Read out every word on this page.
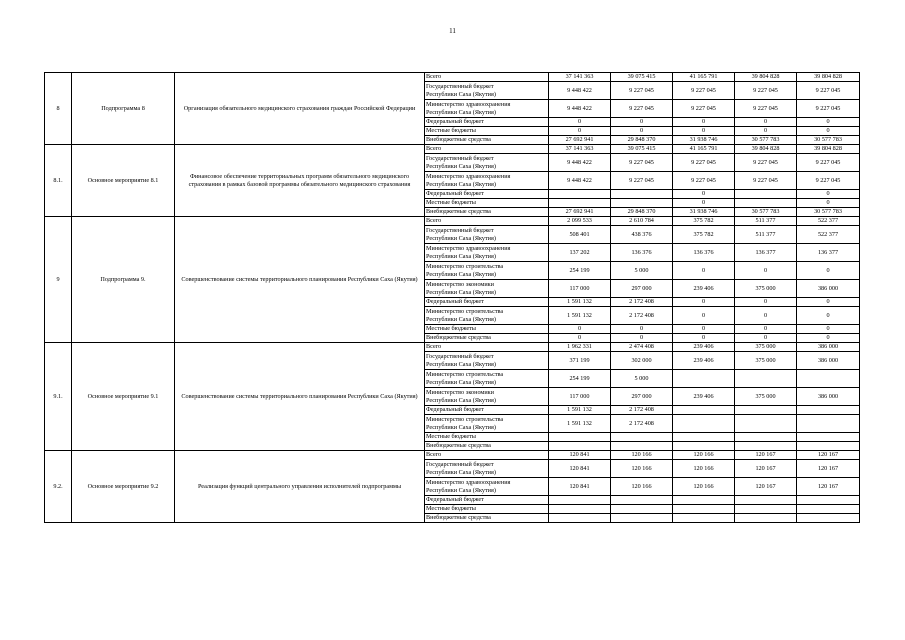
11
8	Подпрограмма 8	Организация обязательного медицинского страхования граждан Российской Федерации	Всего	37 141 363	39 075 415	41 165 791	39 804 828	39 804 828
			Государственный бюджет
Республики Саха (Якутия)	9 448 422	9 227 045	9 227 045	9 227 045	9 227 045
			Министерство здравоохранения
Республики Саха (Якутия)	9 448 422	9 227 045	9 227 045	9 227 045	9 227 045
			Федеральный бюджет	0	0	0	0	0
			Местные бюджеты	0	0	0	0	0
			Внебюджетные средства	27 692 941	29 848 370	31 938 746	30 577 783	30 577 783
8.1.	Основное мероприятие 8.1	Финансовое обеспечение территориальных программ обязательного медицинского страхования в рамках базовой программы обязательного медицинского страхования	Всего	37 141 363	39 075 415	41 165 791	39 804 828	39 804 828
			Государственный бюджет
Республики Саха (Якутия)	9 448 422	9 227 045	9 227 045	9 227 045	9 227 045
			Министерство здравоохранения
Республики Саха (Якутия)	9 448 422	9 227 045	9 227 045	9 227 045	9 227 045
			Федеральный бюджет			0		0
			Местные бюджеты			0		0
			Внебюджетные средства	27 692 941	29 848 370	31 938 746	30 577 783	30 577 783
9	Подпрограмма 9.	Совершенствование системы территориального планирования Республики Саха (Якутия)	Всего	2 099 533	2 610 784	375 782	511 377	522 377
			Государственный бюджет
Республики Саха (Якутия)	508 401	438 376	375 782	511 377	522 377
			Министерство здравоохранения
Республики Саха (Якутия)	137 202	136 376	136 376	136 377	136 377
			Министерство строительства
Республики Саха (Якутия)	254 199	5 000	0	0	0
			Министерство экономики
Республики Саха (Якутия)	117 000	297 000	239 406	375 000	386 000
			Федеральный бюджет	1 591 132	2 172 408	0	0	0
			Министерство строительства
Республики Саха (Якутия)	1 591 132	2 172 408	0	0	0
			Местные бюджеты	0	0	0	0	0
			Внебюджетные средства	0	0	0	0	0
9.1.	Основное мероприятие 9.1	Совершенствование системы территориального планирования Республики Саха (Якутия)	Всего	1 962 331	2 474 408	239 406	375 000	386 000
			Государственный бюджет
Республики Саха (Якутия)	371 199	302 000	239 406	375 000	386 000
			Министерство строительства
Республики Саха (Якутия)	254 199	5 000			
			Министерство экономики
Республики Саха (Якутия)	117 000	297 000	239 406	375 000	386 000
			Федеральный бюджет	1 591 132	2 172 408			
			Министерство строительства
Республики Саха (Якутия)	1 591 132	2 172 408			
			Местные бюджеты					
			Внебюджетные средства					
9.2.	Основное мероприятие 9.2	Реализация функций центрального управления исполнителей подпрограммы	Всего	120 841	120 166	120 166	120 167	120 167
			Государственный бюджет
Республики Саха (Якутия)	120 841	120 166	120 166	120 167	120 167
			Министерство здравоохранения
Республики Саха (Якутия)	120 841	120 166	120 166	120 167	120 167
			Федеральный бюджет					
			Местные бюджеты					
			Внебюджетные средства					
